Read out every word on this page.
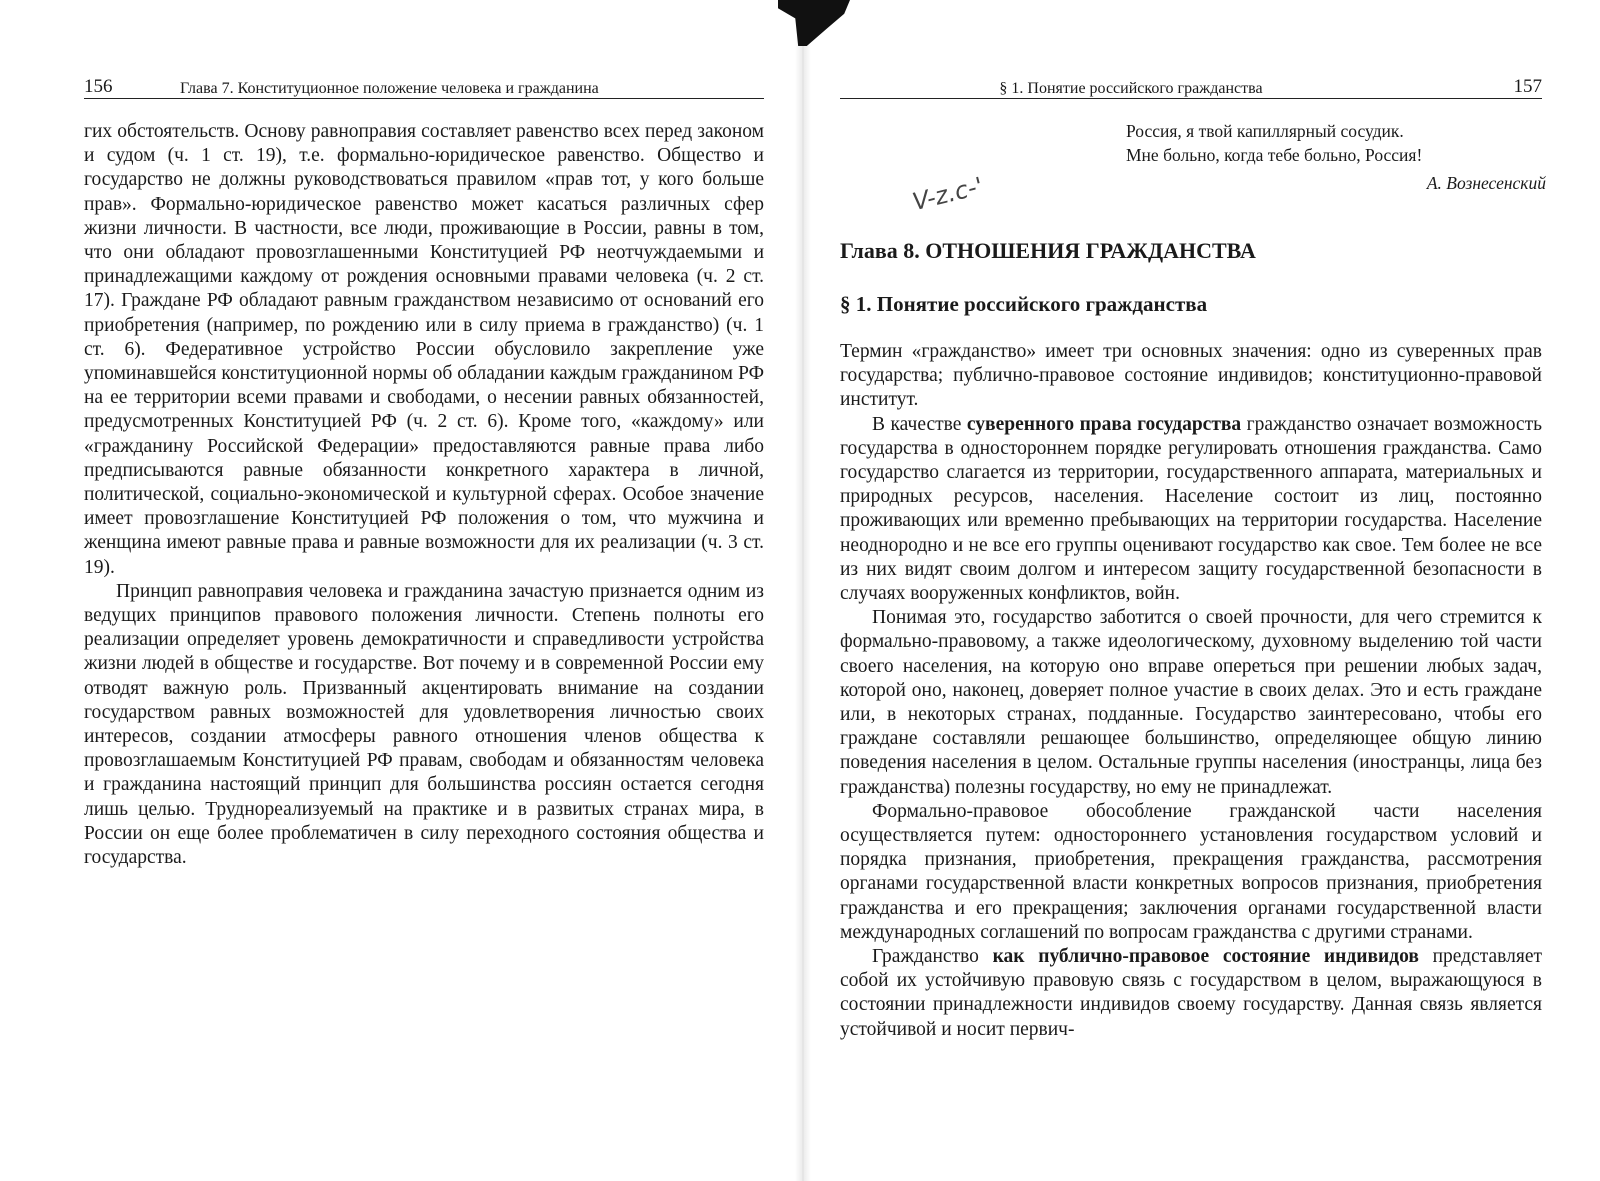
156	Глава 7. Конституционное положение человека и гражданина

гих обстоятельств. Основу равноправия составляет равенство всех перед законом и судом (ч. 1 ст. 19), т.е. формально-юридическое равенство. Общество и государство не должны руководствоваться правилом «прав тот, у кого больше прав». Формально-юридическое равенство может касаться различных сфер жизни личности. В частности, все люди, проживающие в России, равны в том, что они обладают провозглашенными Конституцией РФ неотчуждаемыми и принадлежащими каждому от рождения основными правами человека (ч. 2 ст. 17). Граждане РФ обладают равным гражданством независимо от оснований его приобретения (например, по рождению или в силу приема в гражданство) (ч. 1 ст. 6). Федеративное устройство России обусловило закрепление уже упоминавшейся конституционной нормы об обладании каждым гражданином РФ на ее территории всеми правами и свободами, о несении равных обязанностей, предусмотренных Конституцией РФ (ч. 2 ст. 6). Кроме того, «каждому» или «гражданину Российской Федерации» предоставляются равные права либо предписываются равные обязанности конкретного характера в личной, политической, социально-экономической и культурной сферах. Особое значение имеет провозглашение Конституцией РФ положения о том, что мужчина и женщина имеют равные права и равные возможности для их реализации (ч. 3 ст. 19).

Принцип равноправия человека и гражданина зачастую признается одним из ведущих принципов правового положения личности. Степень полноты его реализации определяет уровень демократичности и справедливости устройства жизни людей в обществе и государстве. Вот почему и в современной России ему отводят важную роль. Призванный акцентировать внимание на создании государством равных возможностей для удовлетворения личностью своих интересов, создании атмосферы равного отношения членов общества к провозглашаемым Конституцией РФ правам, свободам и обязанностям человека и гражданина настоящий принцип для большинства россиян остается сегодня лишь целью. Труднореализуемый на практике и в развитых странах мира, в России он еще более проблематичен в силу переходного состояния общества и государства.

§ 1. Понятие российского гражданства	157
Россия, я твой капиллярный сосудик.
Мне больно, когда тебе больно, Россия!
А. Вознесенский
V-z.c-'
Глава 8. ОТНОШЕНИЯ ГРАЖДАНСТВА
§ 1. Понятие российского гражданства

Термин «гражданство» имеет три основных значения: одно из суверенных прав государства; публично-правовое состояние индивидов; конституционно-правовой институт.

В качестве суверенного права государства гражданство означает возможность государства в одностороннем порядке регулировать отношения гражданства. Само государство слагается из территории, государственного аппарата, материальных и природных ресурсов, населения. Население состоит из лиц, постоянно проживающих или временно пребывающих на территории государства. Население неоднородно и не все его группы оценивают государство как свое. Тем более не все из них видят своим долгом и интересом защиту государственной безопасности в случаях вооруженных конфликтов, войн.

Понимая это, государство заботится о своей прочности, для чего стремится к формально-правовому, а также идеологическому, духовному выделению той части своего населения, на которую оно вправе опереться при решении любых задач, которой оно, наконец, доверяет полное участие в своих делах. Это и есть граждане или, в некоторых странах, подданные. Государство заинтересовано, чтобы его граждане составляли решающее большинство, определяющее общую линию поведения населения в целом. Остальные группы населения (иностранцы, лица без гражданства) полезны государству, но ему не принадлежат.

Формально-правовое обособление гражданской части населения осуществляется путем: одностороннего установления государством условий и порядка признания, приобретения, прекращения гражданства, рассмотрения органами государственной власти конкретных вопросов признания, приобретения гражданства и его прекращения; заключения органами государственной власти международных соглашений по вопросам гражданства с другими странами.

Гражданство как публично-правовое состояние индивидов представляет собой их устойчивую правовую связь с государством в целом, выражающуюся в состоянии принадлежности индивидов своему государству. Данная связь является устойчивой и носит первич-
